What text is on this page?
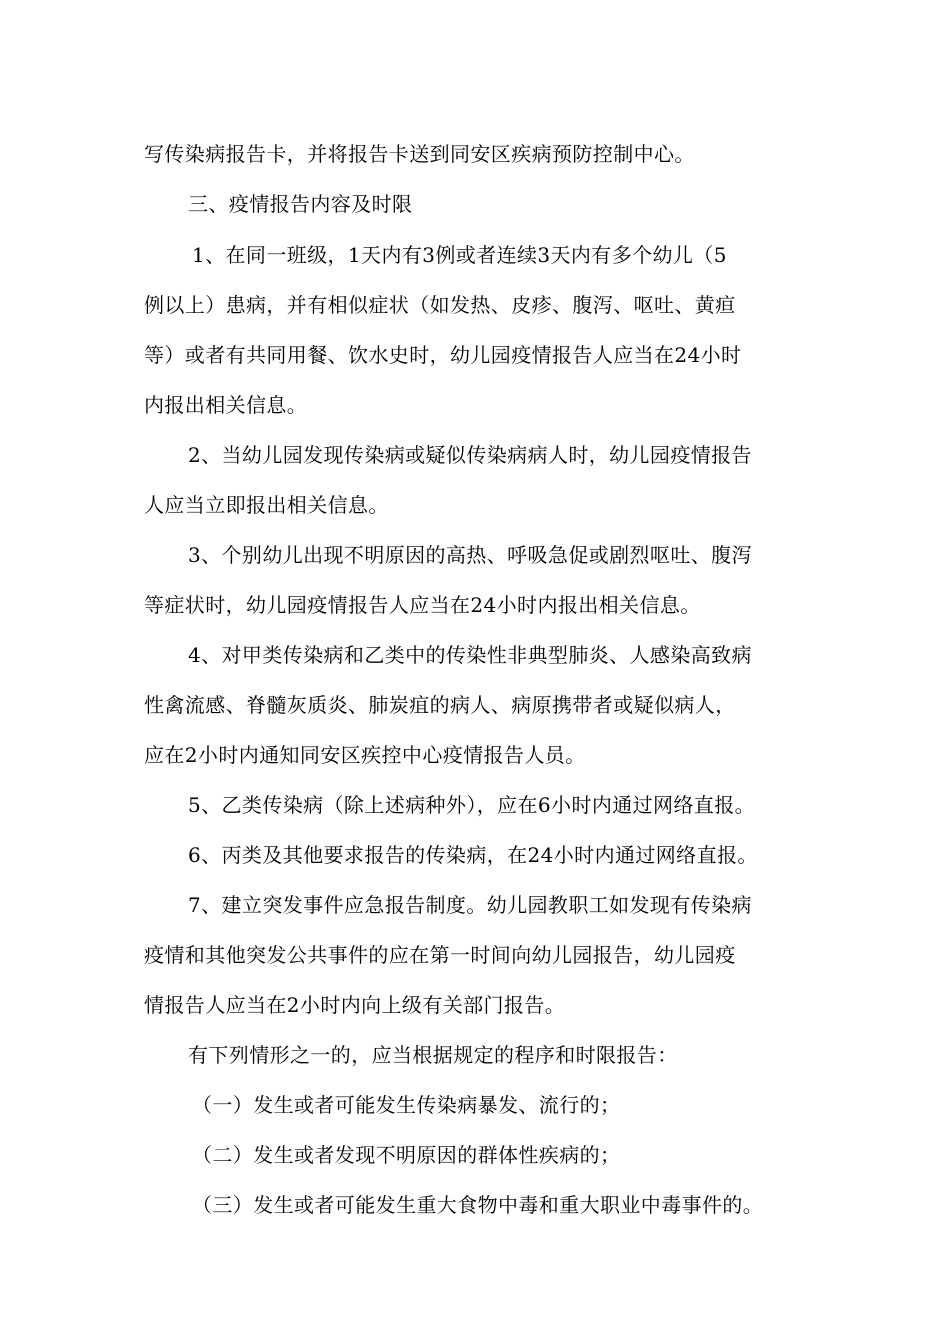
写传染病报告卡，并将报告卡送到同安区疾病预防控制中心。
三、疫情报告内容及时限
1、在同一班级，1天内有3例或者连续3天内有多个幼儿（5
例以上）患病，并有相似症状（如发热、皮疹、腹泻、呕吐、黄疸
等）或者有共同用餐、饮水史时，幼儿园疫情报告人应当在24小时
内报出相关信息。
2、当幼儿园发现传染病或疑似传染病病人时，幼儿园疫情报告
人应当立即报出相关信息。
3、个别幼儿出现不明原因的高热、呼吸急促或剧烈呕吐、腹泻
等症状时，幼儿园疫情报告人应当在24小时内报出相关信息。
4、对甲类传染病和乙类中的传染性非典型肺炎、人感染高致病
性禽流感、脊髓灰质炎、肺炭疽的病人、病原携带者或疑似病人，
应在2小时内通知同安区疾控中心疫情报告人员。
5、乙类传染病（除上述病种外），应在6小时内通过网络直报。
6、丙类及其他要求报告的传染病，在24小时内通过网络直报。
7、建立突发事件应急报告制度。幼儿园教职工如发现有传染病
疫情和其他突发公共事件的应在第一时间向幼儿园报告，幼儿园疫
情报告人应当在2小时内向上级有关部门报告。
有下列情形之一的，应当根据规定的程序和时限报告：
（一）发生或者可能发生传染病暴发、流行的；
（二）发生或者发现不明原因的群体性疾病的；
（三）发生或者可能发生重大食物中毒和重大职业中毒事件的。
